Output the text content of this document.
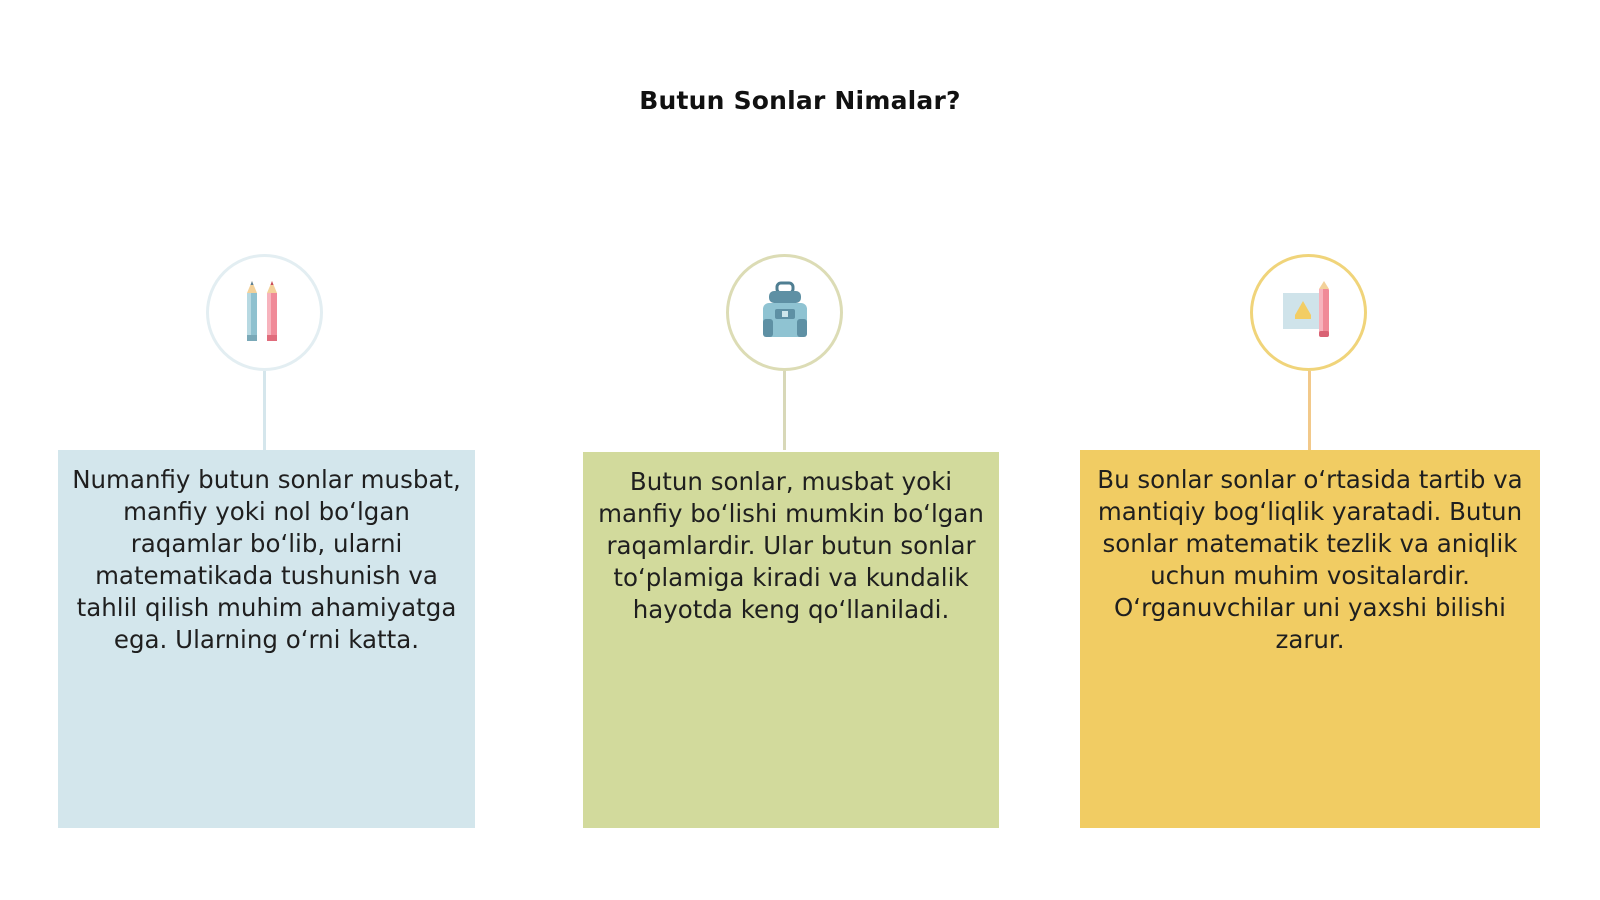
Butun Sonlar Nimalar?
Numanfiy butun sonlar musbat, manfiy yoki nol bo‘lgan raqamlar bo‘lib, ularni matematikada tushunish va tahlil qilish muhim ahamiyatga ega. Ularning o‘rni katta.
Butun sonlar, musbat yoki manfiy bo‘lishi mumkin bo‘lgan raqamlardir. Ular butun sonlar to‘plamiga kiradi va kundalik hayotda keng qo‘llaniladi.
Bu sonlar sonlar o‘rtasida tartib va mantiqiy bog‘liqlik yaratadi. Butun sonlar matematik tezlik va aniqlik uchun muhim vositalardir. O‘rganuvchilar uni yaxshi bilishi zarur.
